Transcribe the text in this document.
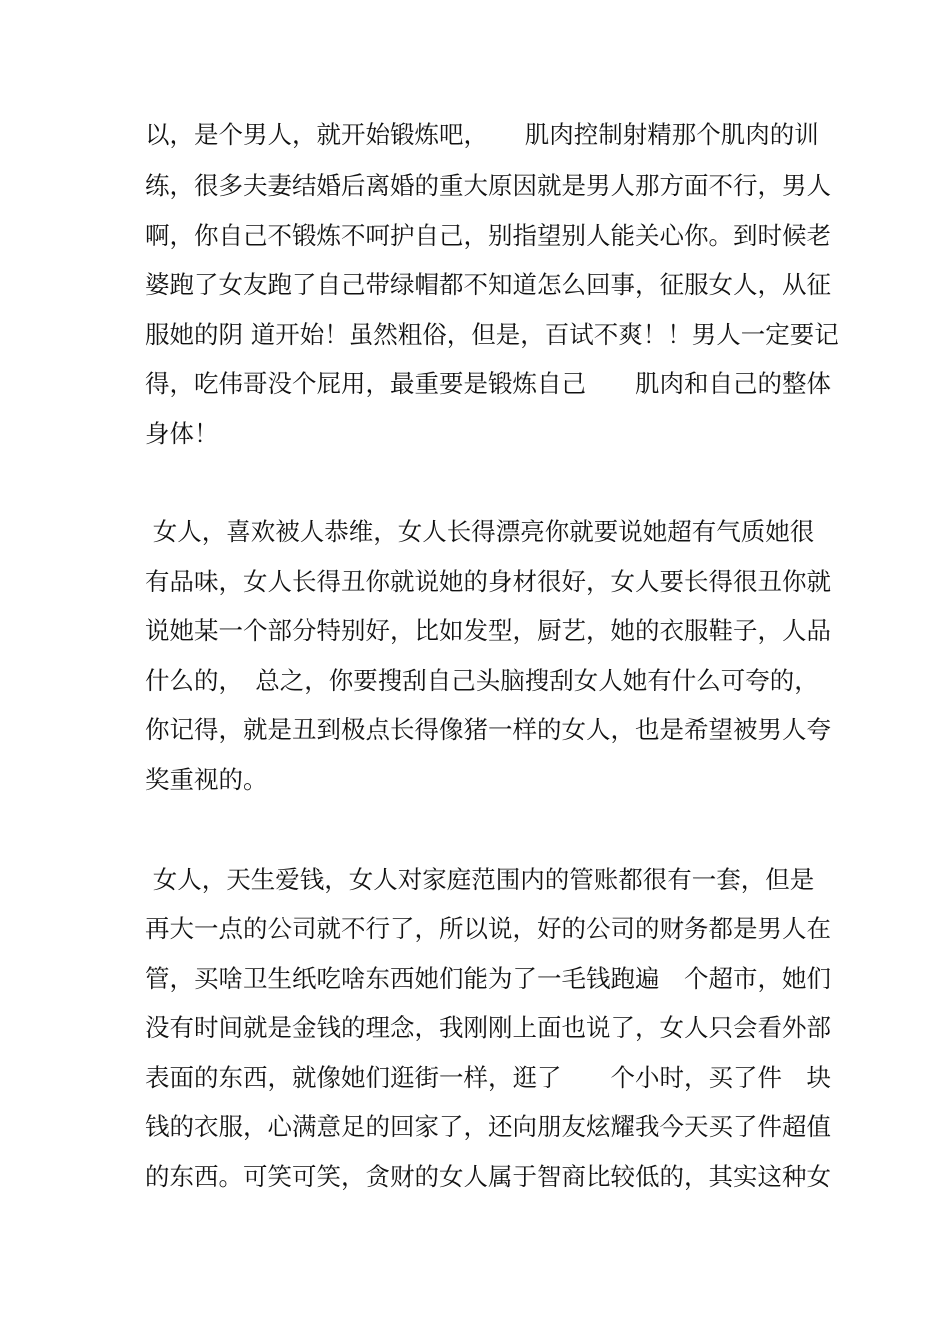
以，是个男人，就开始锻炼吧，　　肌肉控制射精那个肌肉的训
练，很多夫妻结婚后离婚的重大原因就是男人那方面不行，男人
啊，你自己不锻炼不呵护自己，别指望别人能关心你。到时候老
婆跑了女友跑了自己带绿帽都不知道怎么回事，征服女人，从征
服她的阴 道开始！虽然粗俗，但是，百试不爽！！男人一定要记
得，吃伟哥没个屁用，最重要是锻炼自己　　肌肉和自己的整体
身体！
女人，喜欢被人恭维，女人长得漂亮你就要说她超有气质她很
有品味，女人长得丑你就说她的身材很好，女人要长得很丑你就
说她某一个部分特别好，比如发型，厨艺，她的衣服鞋子，人品
什么的，　总之，你要搜刮自己头脑搜刮女人她有什么可夸的，
你记得，就是丑到极点长得像猪一样的女人，也是希望被男人夸
奖重视的。
女人，天生爱钱，女人对家庭范围内的管账都很有一套，但是
再大一点的公司就不行了，所以说，好的公司的财务都是男人在
管，买啥卫生纸吃啥东西她们能为了一毛钱跑遍　个超市，她们
没有时间就是金钱的理念，我刚刚上面也说了，女人只会看外部
表面的东西，就像她们逛街一样，逛了　　个小时，买了件　块
钱的衣服，心满意足的回家了，还向朋友炫耀我今天买了件超值
的东西。可笑可笑，贪财的女人属于智商比较低的，其实这种女
